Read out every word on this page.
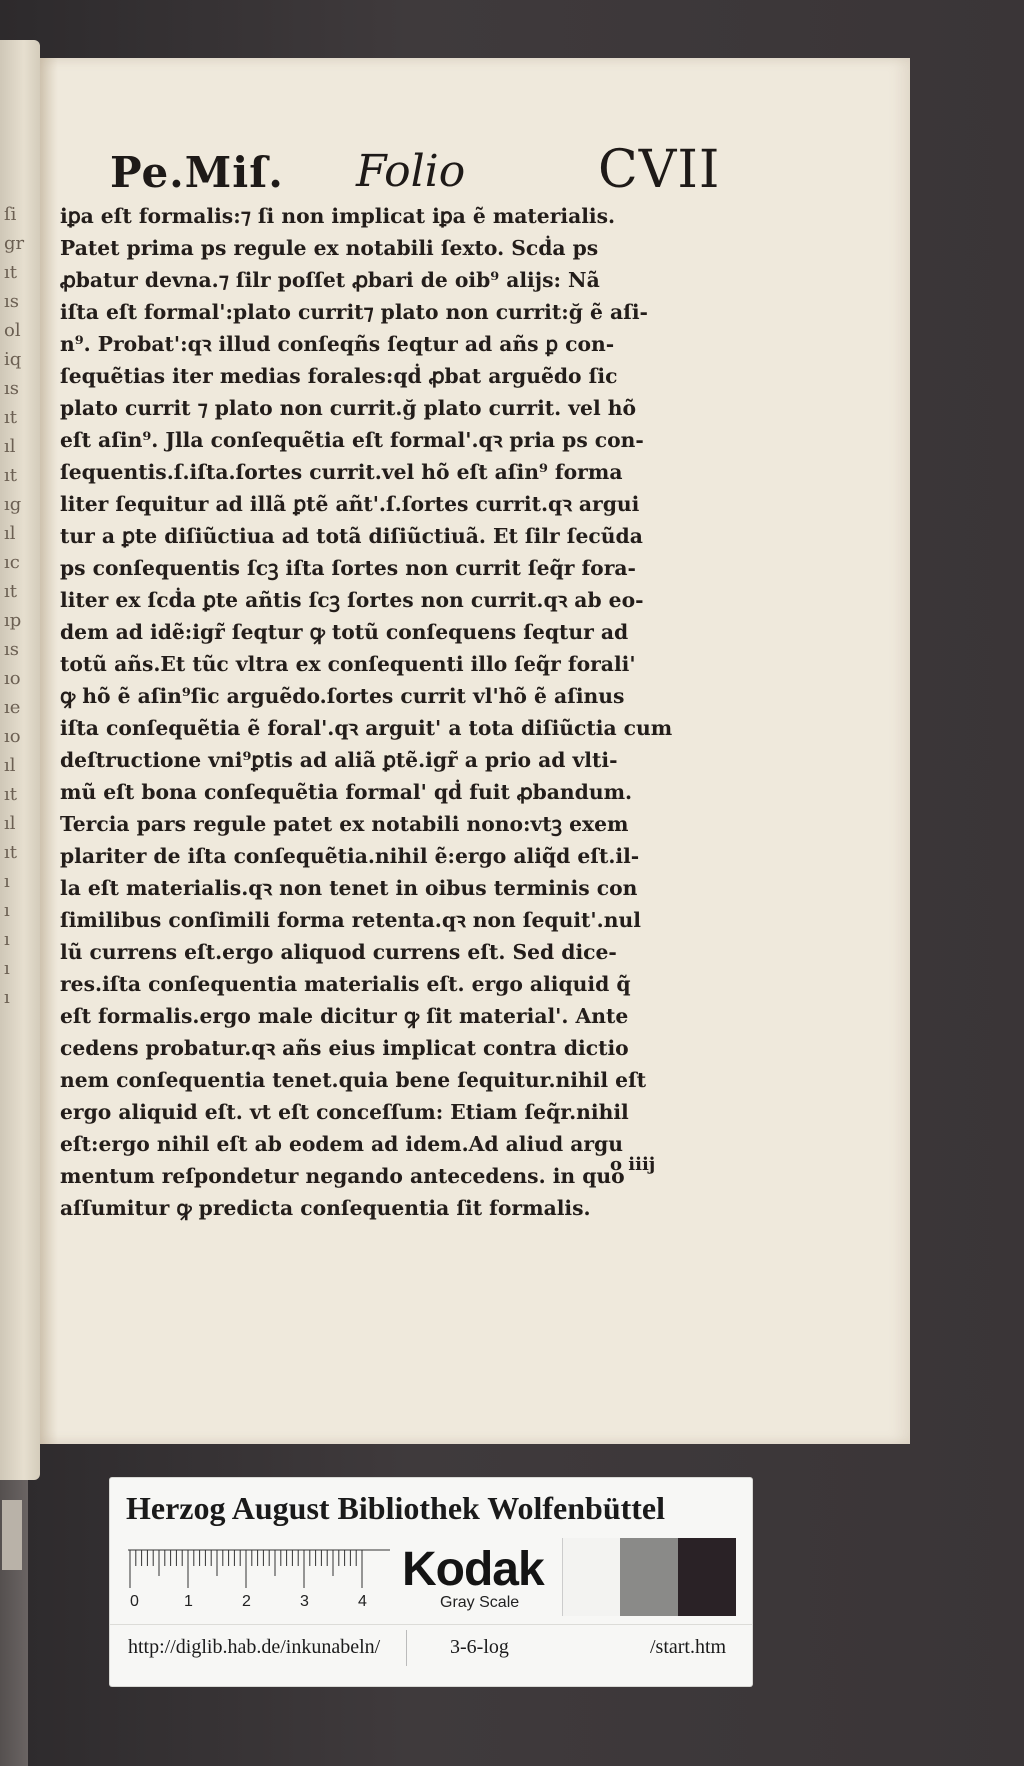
ſi
gr
ıt
ıs
ol
iq
ıs
ıt
ıl
ıt
ıg
ıl
ıc
ıt
ıp
ıs
ıo
ıe
ıo
ıl
ıt
ıl
ıt
ı
ı
ı
ı
ı
Pe.Miſ. Folio	CVII
iꝑa eſt formalis:⁊ ſi non implicat iꝑa ẽ materialis.
Patet prima ps regule ex notabili ſexto. Scḋa ps
ꝓbatur devna.⁊ ſilr poſſet ꝓbari de oib⁹ alijs: Nã
iſta eſt formal':plato currit⁊ plato non currit:ğ ẽ aſi-
n⁹. Probat':qꝛ illud conſeqñs ſeqtur ad añs ꝑ con-
ſequẽtias iter medias forales:qḋ ꝓbat arguẽdo ſic
plato currit ⁊ plato non currit.ğ plato currit. vel hõ
eſt aſin⁹. Jlla conſequẽtia eſt formal'.qꝛ pria ps con-
ſequentis.ſ.iſta.ſortes currit.vel hõ eſt aſin⁹ forma
liter ſequitur ad illã ꝑtẽ añt'.ſ.ſortes currit.qꝛ argui
tur a ꝑte diſiũctiua ad totã diſiũctiuã. Et ſilr ſecũda
ps conſequentis ſcꝫ iſta ſortes non currit ſeq̃r fora-
liter ex ſcḋa ꝑte añtis ſcꝫ ſortes non currit.qꝛ ab eo-
dem ad idẽ:igr̃ ſeqtur ꝙ totũ conſequens ſeqtur ad
totũ añs.Et tũc vltra ex conſequenti illo ſeq̃r forali'
ꝙ hõ ẽ aſin⁹ſic arguẽdo.ſortes currit vl'hõ ẽ aſinus
iſta conſequẽtia ẽ foral'.qꝛ arguit' a tota diſiũctia cum
deſtructione vni⁹ꝑtis ad aliã ꝑtẽ.igr̃ a prio ad vlti-
mũ eſt bona conſequẽtia formal' qḋ fuit ꝓbandum.
Tercia pars regule patet ex notabili nono:vtꝫ exem
plariter de iſta conſequẽtia.nihil ẽ:ergo aliq̃d eſt.il-
la eſt materialis.qꝛ non tenet in oibus terminis con
ſimilibus conſimili forma retenta.qꝛ non ſequit'.nul
lũ currens eſt.ergo aliquod currens eſt. Sed dice-
res.iſta conſequentia materialis eſt. ergo aliquid q̃
eſt formalis.ergo male dicitur ꝙ ſit material'. Ante
cedens probatur.qꝛ añs eius implicat contra dictio
nem conſequentia tenet.quia bene ſequitur.nihil eſt
ergo aliquid eſt. vt eſt conceſſum: Etiam ſeq̃r.nihil
eſt:ergo nihil eſt ab eodem ad idem.Ad aliud argu
mentum reſpondetur negando antecedens. in quo
aſſumitur ꝙ predicta conſequentia ſit formalis.
o iiij
Herzog August Bibliothek Wolfenbüttel
0	1	2	3	4
Kodak
Gray Scale
http://diglib.hab.de/inkunabeln/	3-6-log	/start.htm
